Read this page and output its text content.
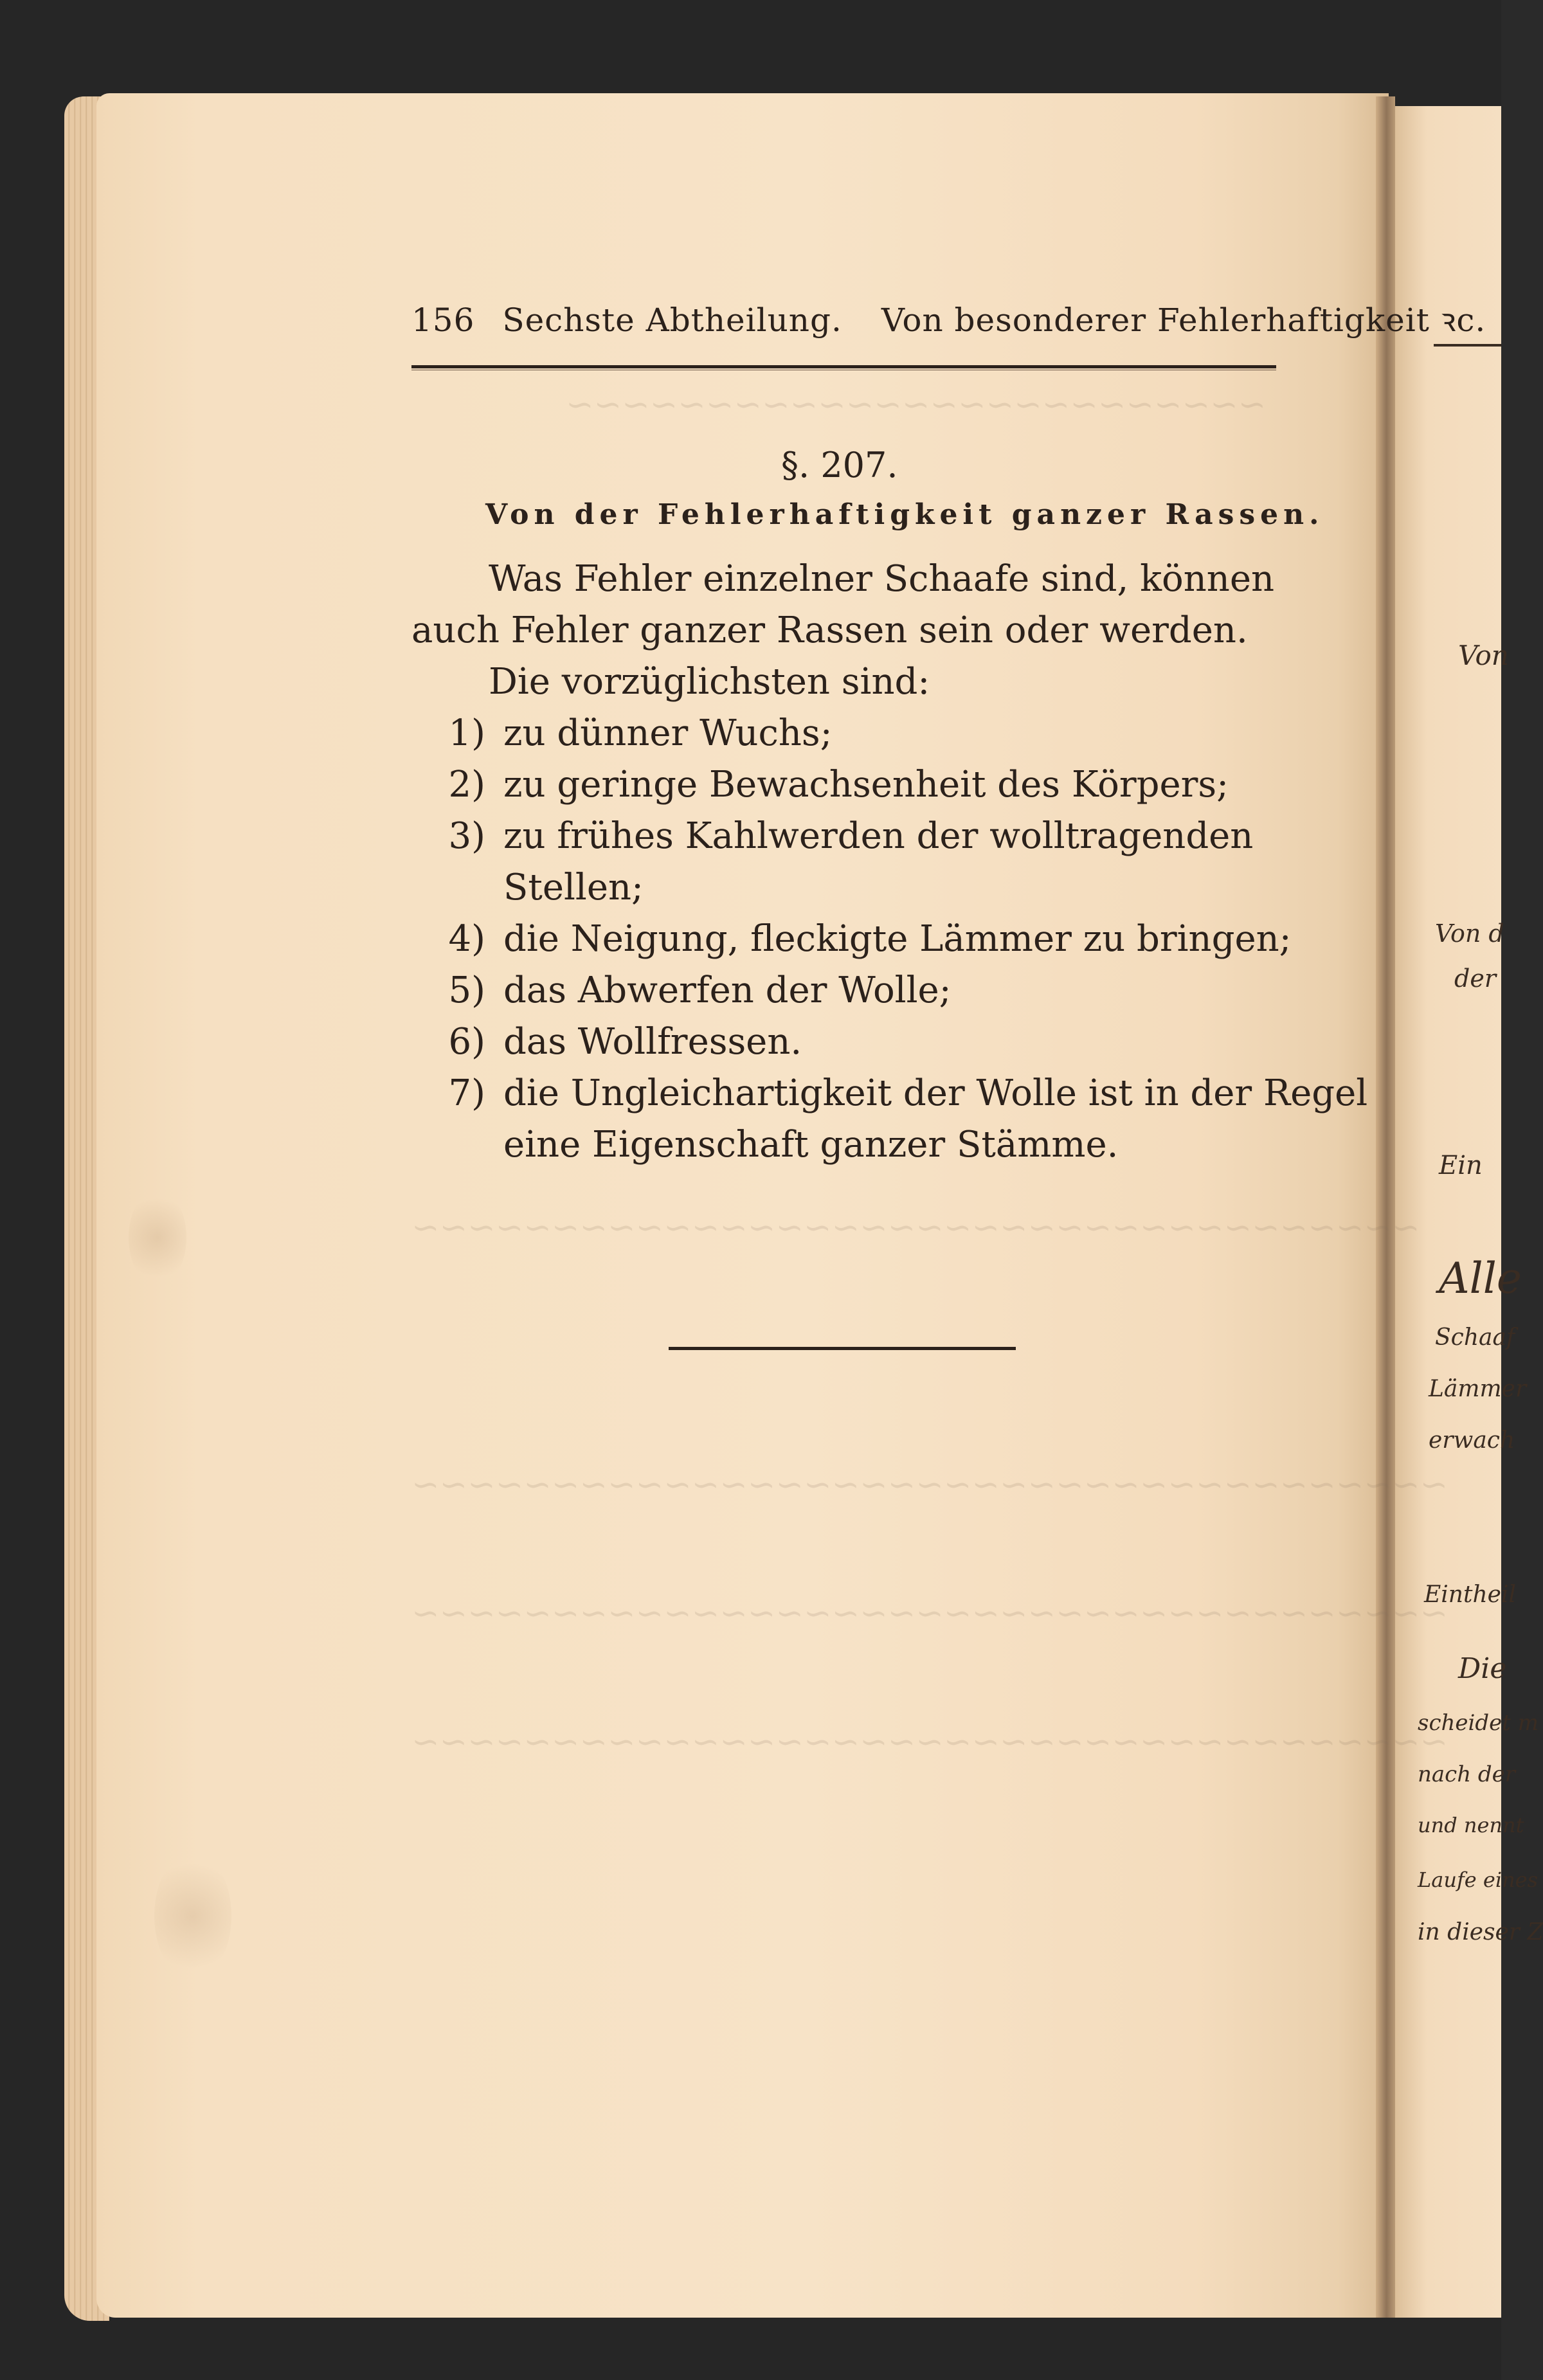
~~~~~~~~~~~~~~~~~~~~~~~~~
~~~~~~~~~~~~~~~~~~~~~~~~~~~~~~~~~~~~
~~~~~~~~~~~~~~~~~~~~~~~~~~~~~~~~~~~~~
~~~~~~~~~~~~~~~~~~~~~~~~~~~~~~~~~~~~~
~~~~~~~~~~~~~~~~~~~~~~~~~~~~~~~~~~~~~
156 Sechste Abtheilung. Von besonderer Fehlerhaftigkeit ꝛc.
§. 207.
Von der Fehlerhaftigkeit ganzer Rassen.
Was Fehler einzelner Schaafe sind, können
auch Fehler ganzer Rassen sein oder werden.
Die vorzüglichsten sind:
1) zu dünner Wuchs;
2) zu geringe Bewachsenheit des Körpers;
3) zu frühes Kahlwerden der wolltragenden
Stellen;
4) die Neigung, fleckigte Lämmer zu bringen;
5) das Abwerfen der Wolle;
6) das Wollfressen.
7) die Ungleichartigkeit der Wolle ist in der Regel
eine Eigenschaft ganzer Stämme.
Von
Von d
der
Ein
Alle
Schaaf
Lämmer
erwach
Eintheil
Die
scheidet m
nach der
und nennt
Laufe eines
in dieser Z
